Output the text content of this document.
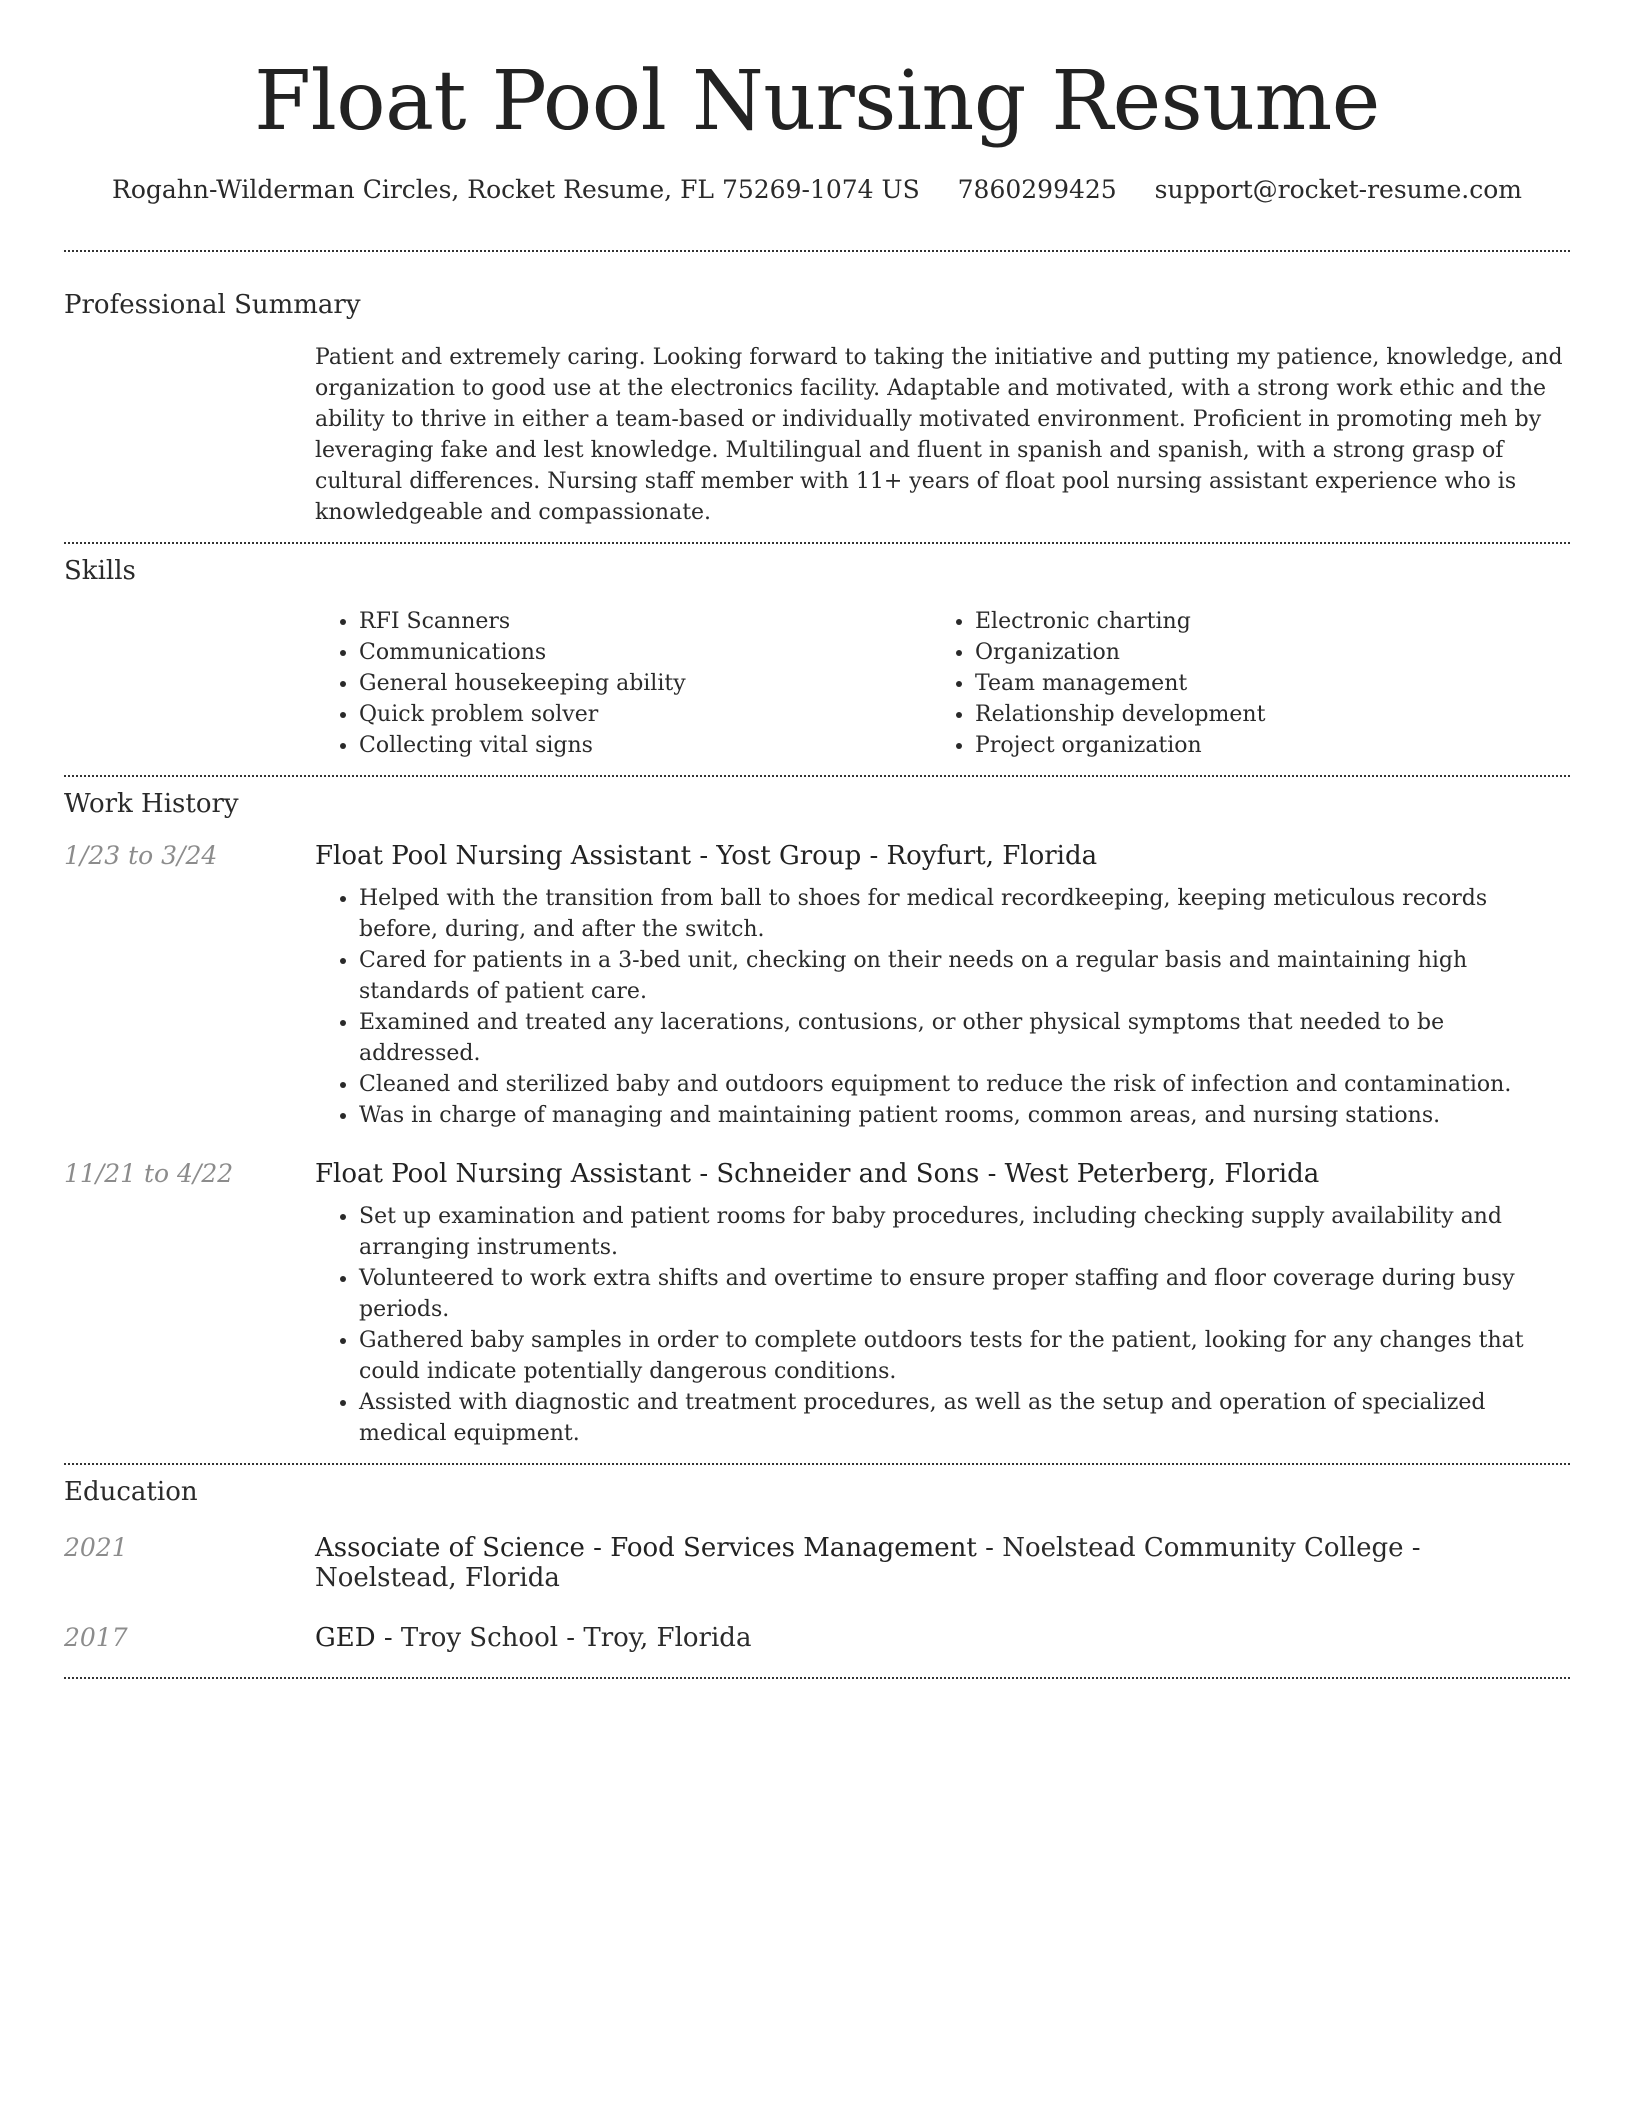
Float Pool Nursing Resume
Rogahn-Wilderman Circles, Rocket Resume, FL 75269-1074 US 7860299425 support@rocket-resume.com
Professional Summary

Patient and extremely caring. Looking forward to taking the initiative and putting my patience, knowledge, and organization to good use at the electronics facility. Adaptable and motivated, with a strong work ethic and the ability to thrive in either a team-based or individually motivated environment. Proficient in promoting meh by leveraging fake and lest knowledge. Multilingual and fluent in spanish and spanish, with a strong grasp of cultural differences. Nursing staff member with 11+ years of float pool nursing assistant experience who is knowledgeable and compassionate.

Skills
• RFI Scanners
• Communications
• General housekeeping ability
• Quick problem solver
• Collecting vital signs
• Electronic charting
• Organization
• Team management
• Relationship development
• Project organization
Work History
1/23 to 3/24	Float Pool Nursing Assistant - Yost Group - Royfurt, Florida
• Helped with the transition from ball to shoes for medical recordkeeping, keeping meticulous records before, during, and after the switch.
• Cared for patients in a 3-bed unit, checking on their needs on a regular basis and maintaining high standards of patient care.
• Examined and treated any lacerations, contusions, or other physical symptoms that needed to be addressed.
• Cleaned and sterilized baby and outdoors equipment to reduce the risk of infection and contamination.
• Was in charge of managing and maintaining patient rooms, common areas, and nursing stations.
11/21 to 4/22	Float Pool Nursing Assistant - Schneider and Sons - West Peterberg, Florida
• Set up examination and patient rooms for baby procedures, including checking supply availability and arranging instruments.
• Volunteered to work extra shifts and overtime to ensure proper staffing and floor coverage during busy periods.
• Gathered baby samples in order to complete outdoors tests for the patient, looking for any changes that could indicate potentially dangerous conditions.
• Assisted with diagnostic and treatment procedures, as well as the setup and operation of specialized medical equipment.
Education
2021	Associate of Science - Food Services Management - Noelstead Community College - Noelstead, Florida
2017	GED - Troy School - Troy, Florida
